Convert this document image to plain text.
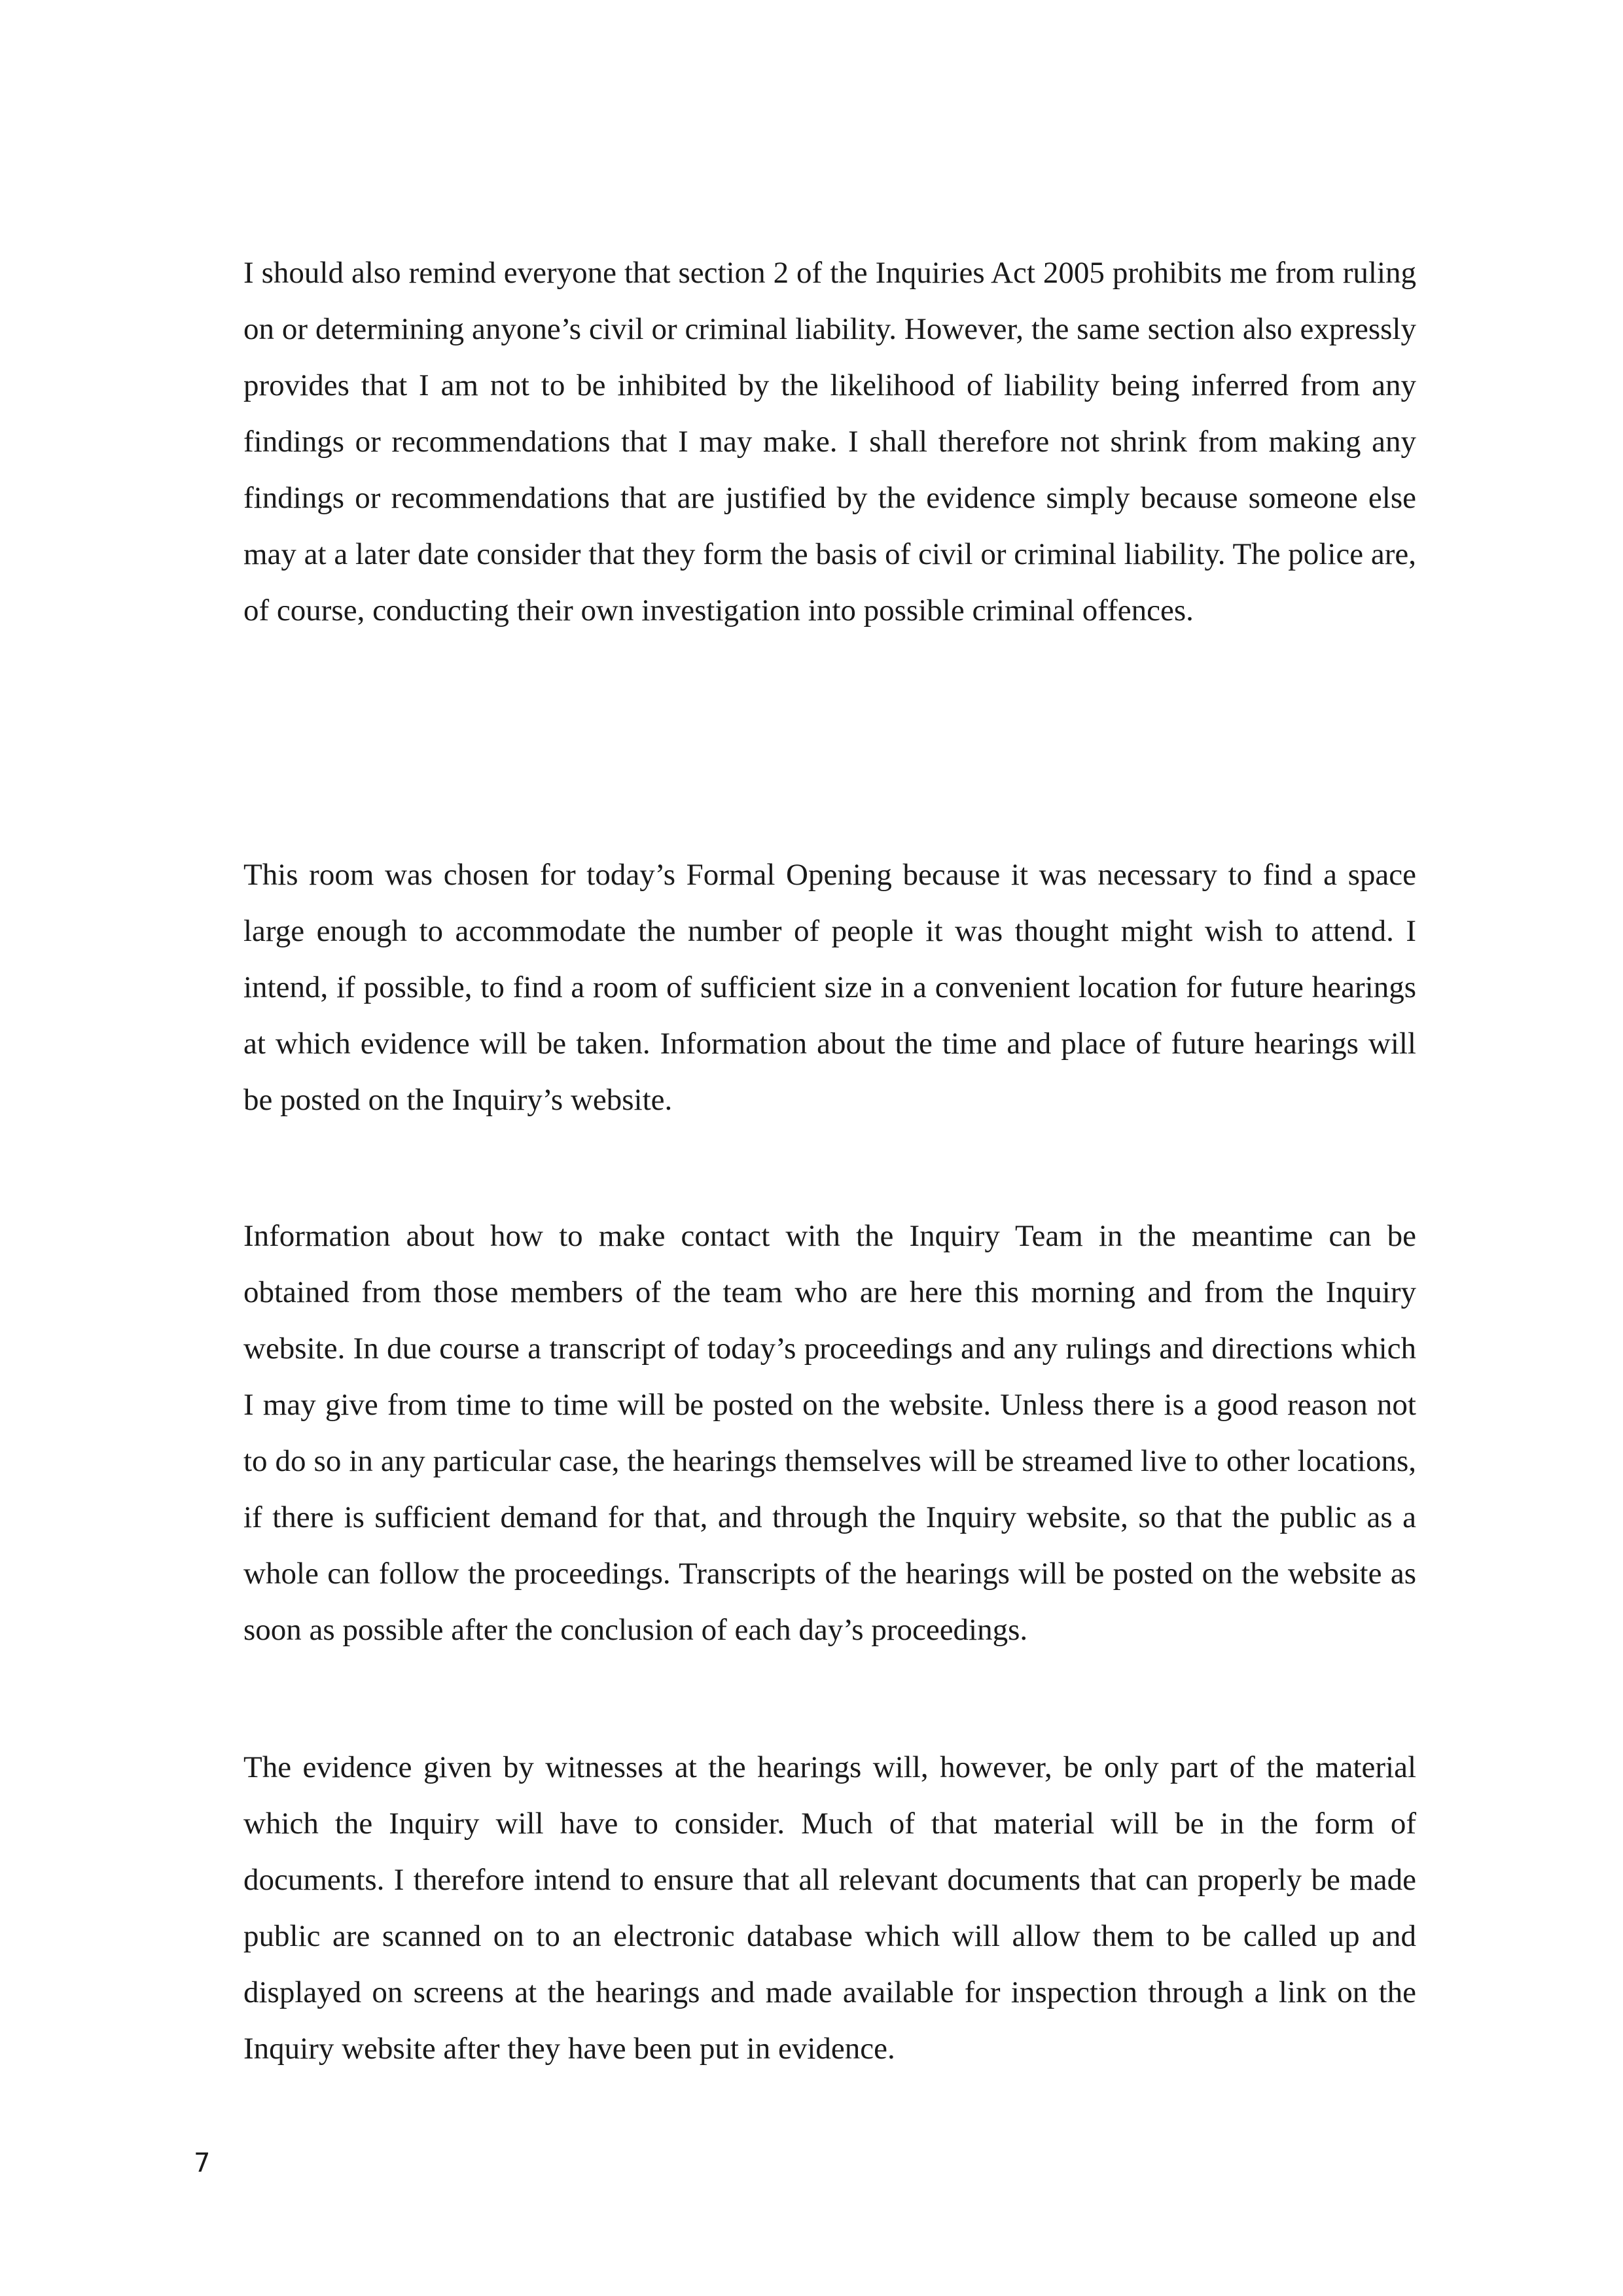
I should also remind everyone that section 2 of the Inquiries Act 2005 prohibits me from ruling on or determining anyone’s civil or criminal liability. However, the same section also expressly provides that I am not to be inhibited by the likelihood of liability being inferred from any findings or recommendations that I may make. I shall therefore not shrink from making any findings or recommendations that are justified by the evidence simply because someone else may at a later date consider that they form the basis of civil or criminal liability. The police are, of course, conducting their own investigation into possible criminal offences.

This room was chosen for today’s Formal Opening because it was necessary to find a space large enough to accommodate the number of people it was thought might wish to attend. I intend, if possible, to find a room of sufficient size in a convenient location for future hearings at which evidence will be taken. Information about the time and place of future hearings will be posted on the Inquiry’s website.

Information about how to make contact with the Inquiry Team in the meantime can be obtained from those members of the team who are here this morning and from the Inquiry website. In due course a transcript of today’s proceedings and any rulings and directions which I may give from time to time will be posted on the website. Unless there is a good reason not to do so in any particular case, the hearings themselves will be streamed live to other locations, if there is sufficient demand for that, and through the Inquiry website, so that the public as a whole can follow the proceedings. Transcripts of the hearings will be posted on the website as soon as possible after the conclusion of each day’s proceedings.

The evidence given by witnesses at the hearings will, however, be only part of the material which the Inquiry will have to consider. Much of that material will be in the form of documents. I therefore intend to ensure that all relevant documents that can properly be made public are scanned on to an electronic database which will allow them to be called up and displayed on screens at the hearings and made available for inspection through a link on the Inquiry website after they have been put in evidence.

7
